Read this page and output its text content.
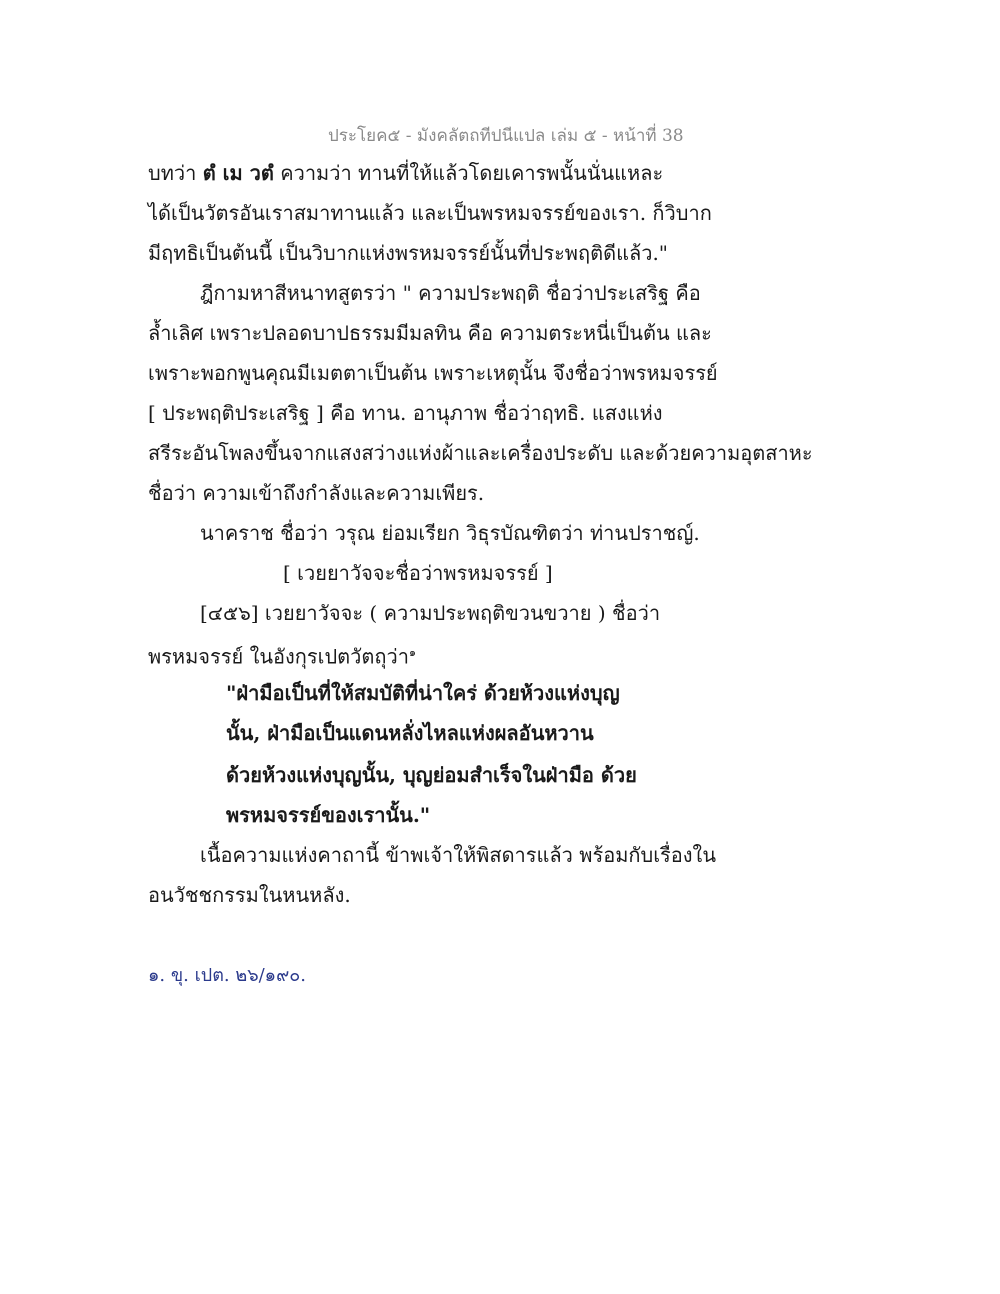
ประโยค๕ - มังคลัตถทีปนีแปล เล่ม ๕ - หน้าที่ 38
บทว่า ตํ เม วตํ ความว่า ทานที่ให้แล้วโดยเคารพนั้นนั่นแหละ
ได้เป็นวัตรอันเราสมาทานแล้ว และเป็นพรหมจรรย์ของเรา. ก็วิบาก
มีฤทธิเป็นต้นนี้ เป็นวิบากแห่งพรหมจรรย์นั้นที่ประพฤติดีแล้ว."
ฎีกามหาสีหนาทสูตรว่า " ความประพฤติ ชื่อว่าประเสริฐ คือ
ล้ำเลิศ เพราะปลอดบาปธรรมมีมลทิน คือ ความตระหนี่เป็นต้น และ
เพราะพอกพูนคุณมีเมตตาเป็นต้น เพราะเหตุนั้น จึงชื่อว่าพรหมจรรย์
[ ประพฤติประเสริฐ ] คือ ทาน. อานุภาพ ชื่อว่าฤทธิ. แสงแห่ง
สรีระอันโพลงขึ้นจากแสงสว่างแห่งผ้าและเครื่องประดับ และด้วยความอุตสาหะ
ชื่อว่า ความเข้าถึงกำลังและความเพียร.
นาคราช ชื่อว่า วรุณ ย่อมเรียก วิธุรบัณฑิตว่า ท่านปราชญ์.
[ เวยยาวัจจะชื่อว่าพรหมจรรย์ ]
[๔๕๖] เวยยาวัจจะ ( ความประพฤติขวนขวาย ) ชื่อว่า
พรหมจรรย์ ในอังกุรเปตวัตถุว่า$^๑$
"ฝ่ามือเป็นที่ให้สมบัติที่น่าใคร่ ด้วยห้วงแห่งบุญ
นั้น, ฝ่ามือเป็นแดนหลั่งไหลแห่งผลอันหวาน
ด้วยห้วงแห่งบุญนั้น, บุญย่อมสำเร็จในฝ่ามือ ด้วย
พรหมจรรย์ของเรานั้น."
เนื้อความแห่งคาถานี้ ข้าพเจ้าให้พิสดารแล้ว พร้อมกับเรื่องใน
อนวัชชกรรมในหนหลัง.
๑. ขุ. เปต. ๒๖/๑๙๐.
